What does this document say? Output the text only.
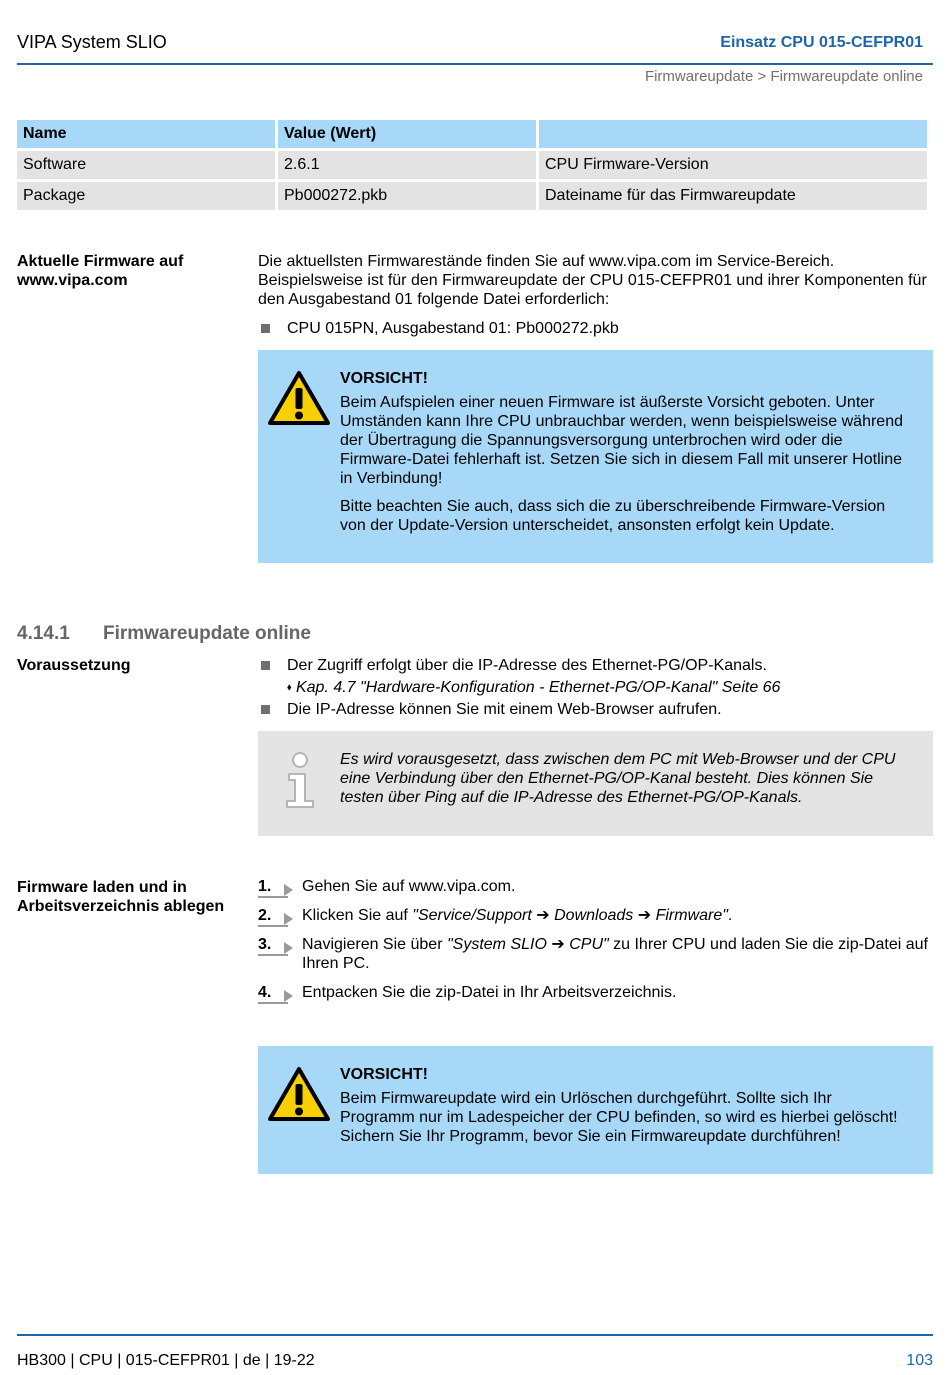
VIPA System SLIO	Einsatz CPU 015-CEFPR01
Firmwareupdate > Firmwareupdate online
Name	Value (Wert)	
Software	2.6.1	CPU Firmware-Version
Package	Pb000272.pkb	Dateiname für das Firmwareupdate
Aktuelle Firmware auf www.vipa.com
Die aktuellsten Firmwarestände finden Sie auf www.vipa.com im Service-Bereich. Beispielsweise ist für den Firmwareupdate der CPU 015-CEFPR01 und ihrer Komponenten für den Ausgabestand 01 folgende Datei erforderlich:
CPU 015PN, Ausgabestand 01: Pb000272.pkb

VORSICHT!

Beim Aufspielen einer neuen Firmware ist äußerste Vorsicht geboten. Unter Umständen kann Ihre CPU unbrauchbar werden, wenn beispielsweise während der Übertragung die Spannungsversorgung unterbrochen wird oder die Firmware-Datei fehlerhaft ist. Setzen Sie sich in diesem Fall mit unserer Hotline in Verbindung!

Bitte beachten Sie auch, dass sich die zu überschreibende Firmware-Version von der Update-Version unterscheidet, ansonsten erfolgt kein Update.

4.14.1 Firmwareupdate online
Voraussetzung	Der Zugriff erfolgt über die IP-Adresse des Ethernet-PG/OP-Kanals.
⬪ Kap. 4.7 "Hardware-Konfiguration - Ethernet-PG/OP-Kanal" Seite 66
Die IP-Adresse können Sie mit einem Web-Browser aufrufen.
Es wird vorausgesetzt, dass zwischen dem PC mit Web-Browser und der CPU eine Verbindung über den Ethernet-PG/OP-Kanal besteht. Dies können Sie testen über Ping auf die IP-Adresse des Ethernet-PG/OP-Kanals.
Firmware laden und in Arbeitsverzeichnis ablegen
1. Gehen Sie auf www.vipa.com.
2. Klicken Sie auf "Service/Support ➔ Downloads ➔ Firmware".
3. Navigieren Sie über "System SLIO ➔ CPU" zu Ihrer CPU und laden Sie die zip-Datei auf Ihren PC.
4. Entpacken Sie die zip-Datei in Ihr Arbeitsverzeichnis.

VORSICHT!

Beim Firmwareupdate wird ein Urlöschen durchgeführt. Sollte sich Ihr Programm nur im Ladespeicher der CPU befinden, so wird es hierbei gelöscht! Sichern Sie Ihr Programm, bevor Sie ein Firmwareupdate durchführen!

HB300 | CPU | 015-CEFPR01 | de | 19-22	103
